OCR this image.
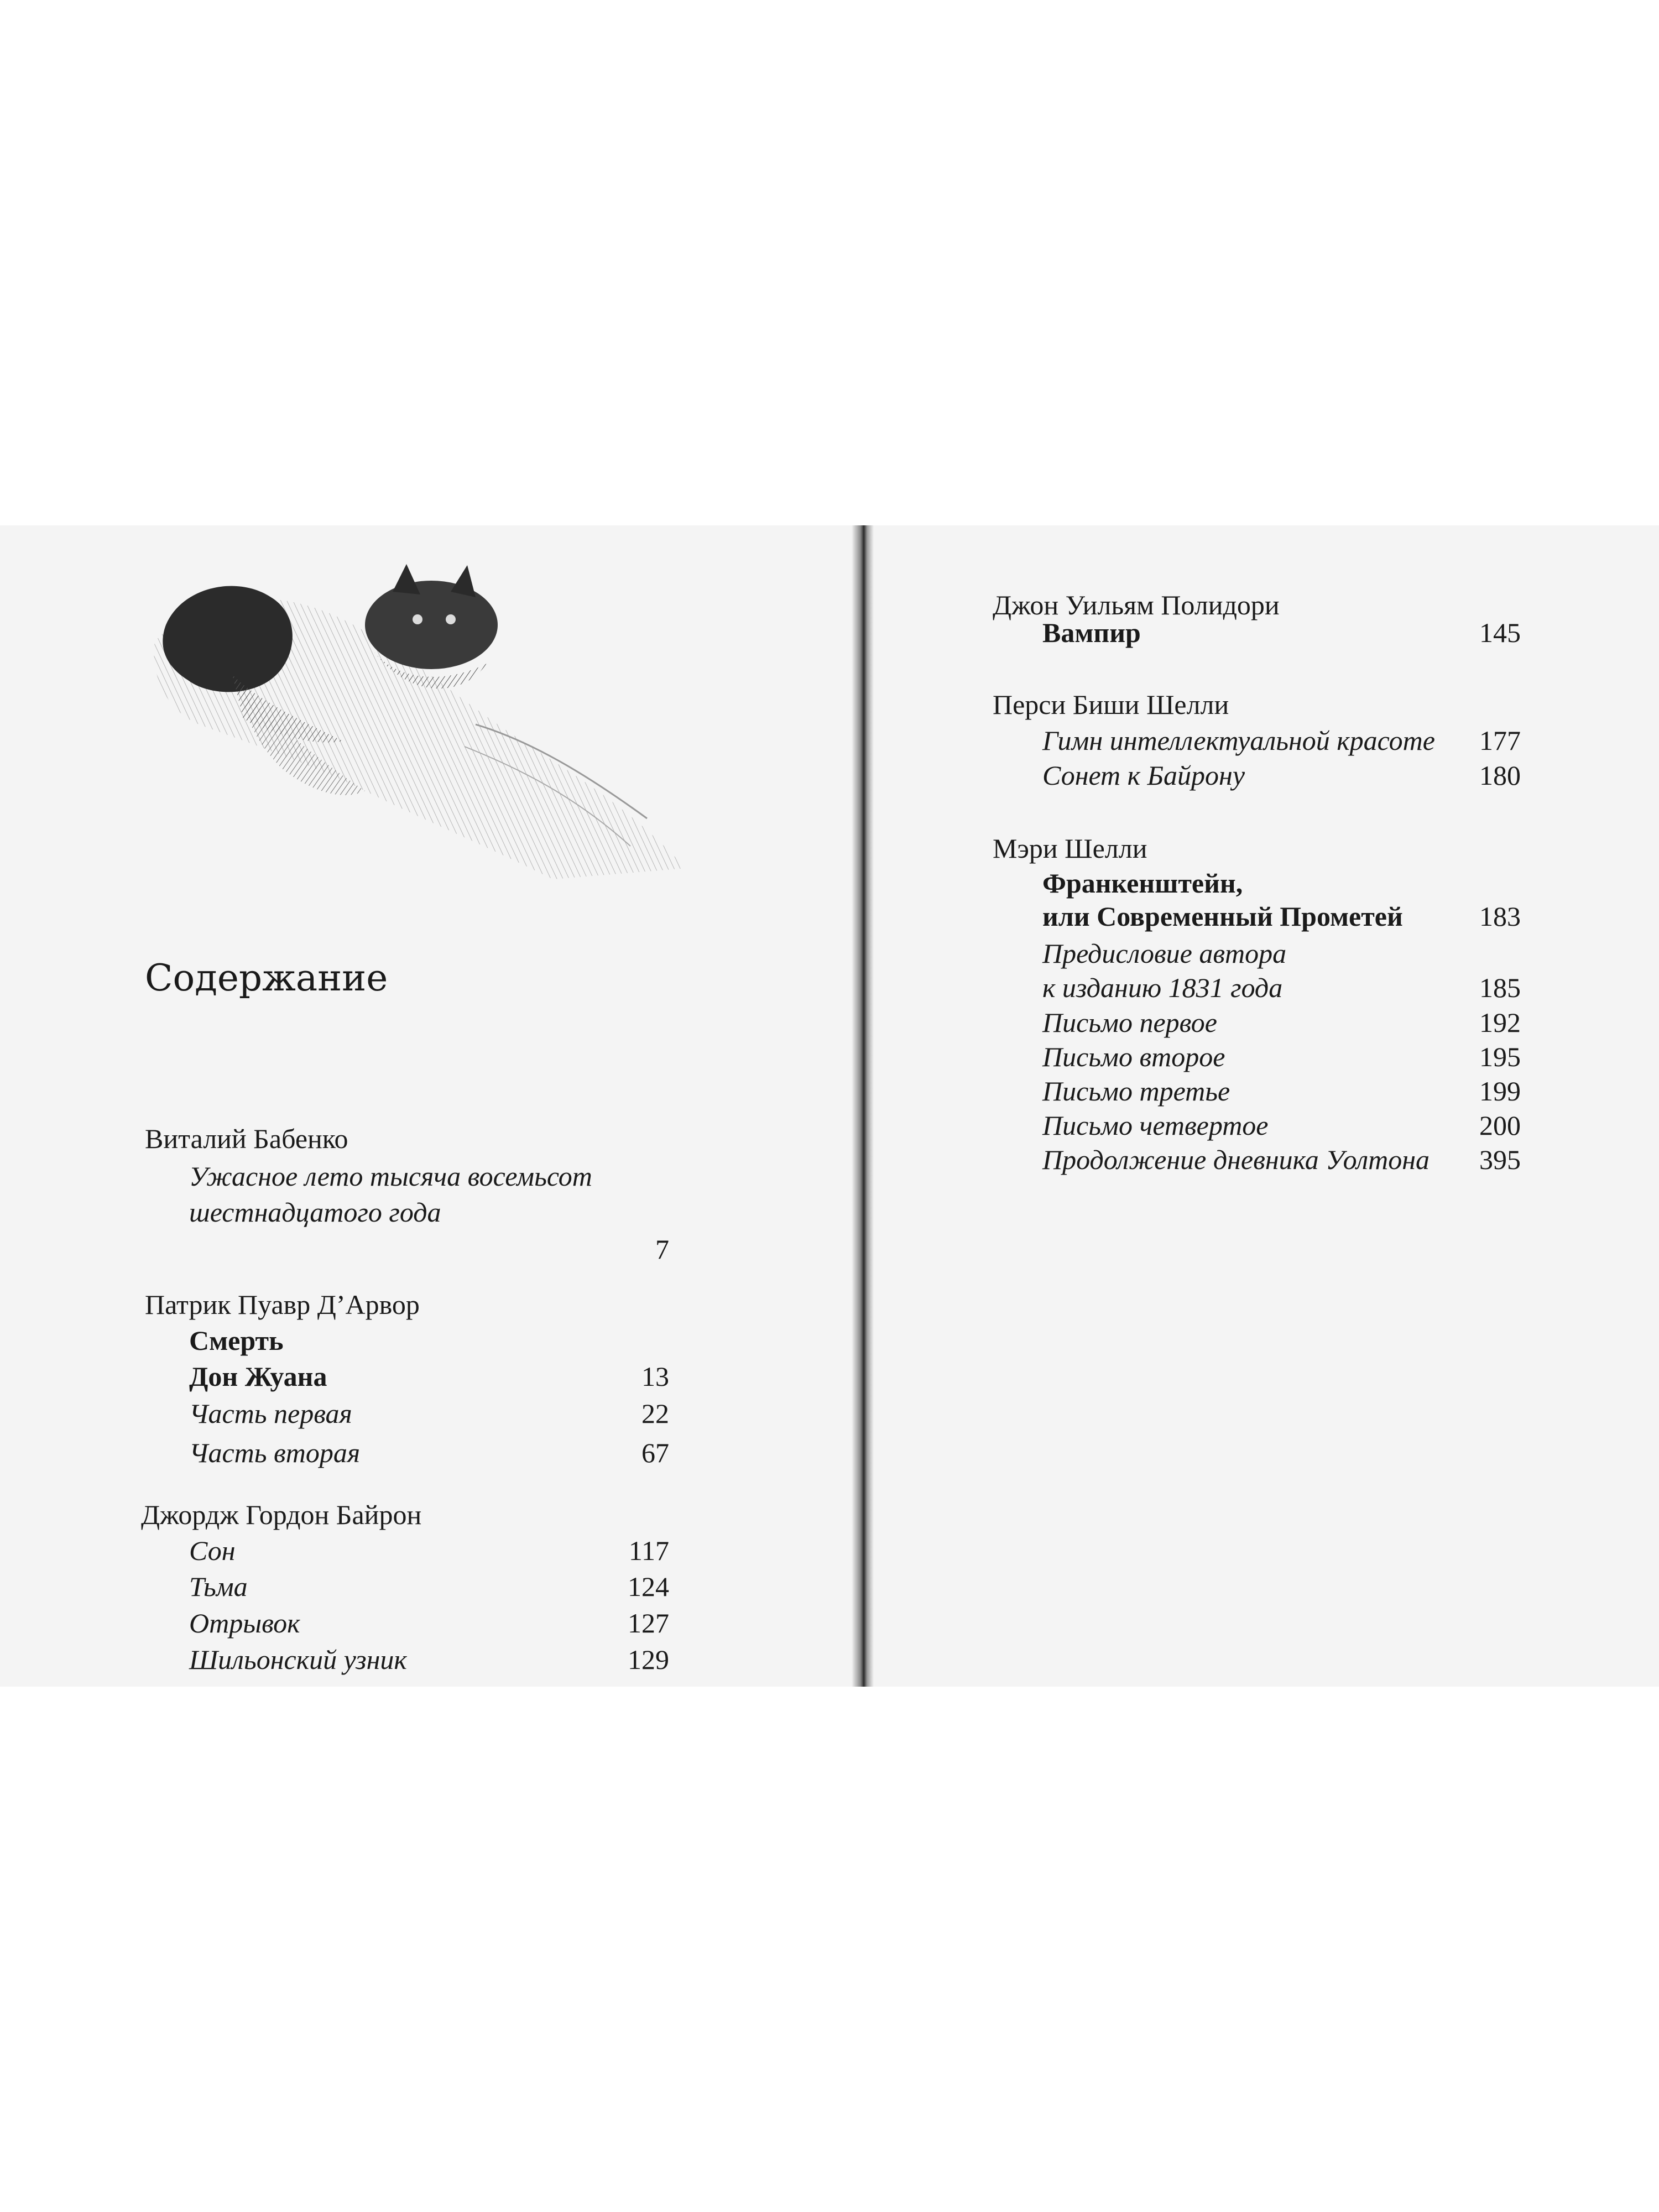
Содержание
Виталий Бабенко
Ужасное лето тысяча восемьсот
шестнадцатого года
7
Патрик Пуавр Д’Арвор
Смерть
Дон Жуана	13
Часть первая	22
Часть вторая	67
Джордж Гордон Байрон
Сон	117
Тьма	124
Отрывок	127
Шильонский узник	129
Джон Уильям Полидори
Вампир	145
Перси Биши Шелли
Гимн интеллектуальной красоте	177
Сонет к Байрону	180
Мэри Шелли
Франкенштейн,
или Современный Прометей	183
Предисловие автора
к изданию 1831 года	185
Письмо первое	192
Письмо второе	195
Письмо третье	199
Письмо четвертое	200
Продолжение дневника Уолтона	395
